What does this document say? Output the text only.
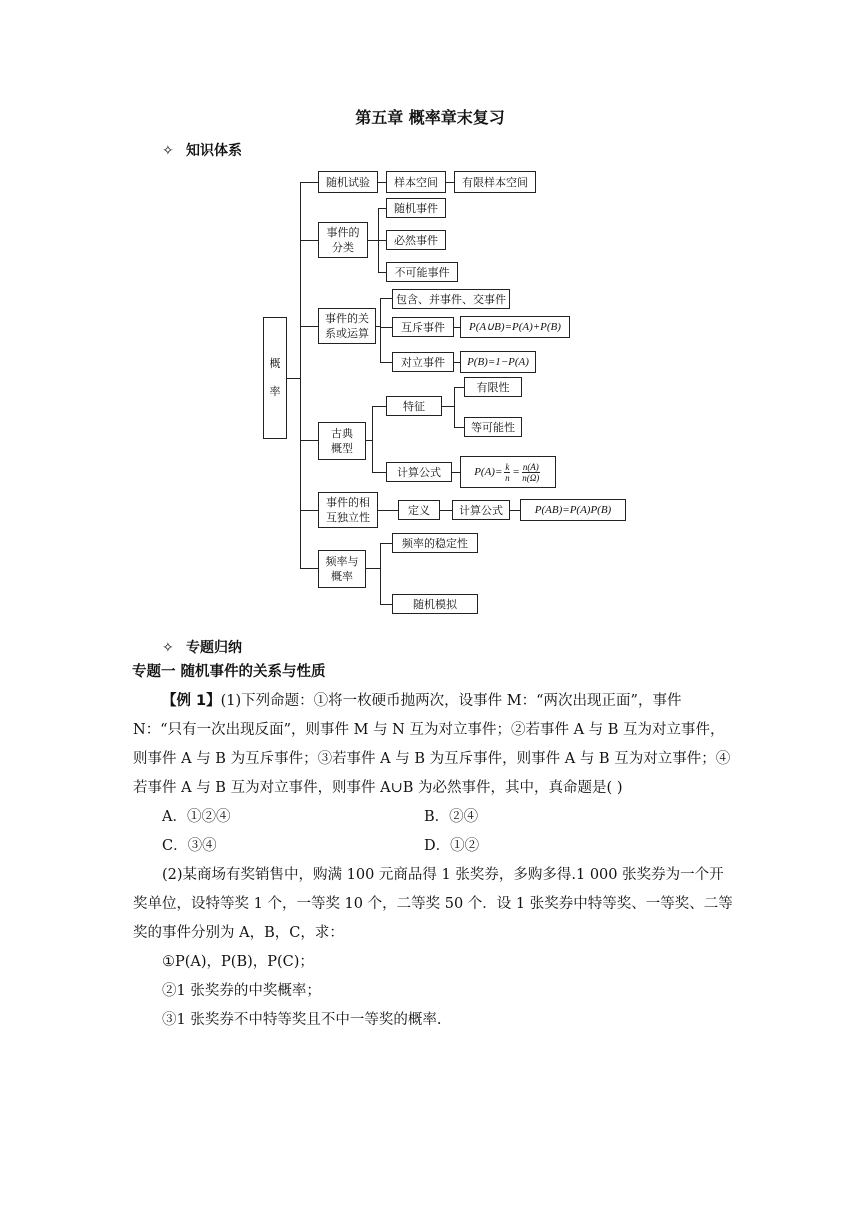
第五章 概率章末复习
✧ 知识体系
概

率
随机试验	样本空间	有限样本空间
事件的
分类
随机事件
必然事件
不可能事件
事件的关
系或运算
包含、并事件、交事件
互斥事件	P(A∪B)=P(A)+P(B)
对立事件	P(B)=1−P(A)
古典
概型
特征
有限性
等可能性
计算公式	$P(A)= \frac{k}{n} = \frac{n(A)}{n(\Omega)}$
事件的相
互独立性
定义	计算公式	P(AB)=P(A)P(B)
频率与
概率
频率的稳定性
随机模拟
✧ 专题归纳

专题一 随机事件的关系与性质

【例 1】(1)下列命题：①将一枚硬币抛两次，设事件 M：“两次出现正面”，事件 N：“只有一次出现反面”，则事件 M 与 N 互为对立事件；②若事件 A 与 B 互为对立事件，则事件 A 与 B 为互斥事件；③若事件 A 与 B 为互斥事件，则事件 A 与 B 互为对立事件；④若事件 A 与 B 互为对立事件，则事件 A∪B 为必然事件，其中，真命题是( )

A．①②④	B．②④
C．③④	D．①②

(2)某商场有奖销售中，购满 100 元商品得 1 张奖券，多购多得.1 000 张奖券为一个开奖单位，设特等奖 1 个，一等奖 10 个，二等奖 50 个．设 1 张奖券中特等奖、一等奖、二等奖的事件分别为 A，B，C，求：

①P(A)，P(B)，P(C)；

②1 张奖券的中奖概率；

③1 张奖券不中特等奖且不中一等奖的概率.
